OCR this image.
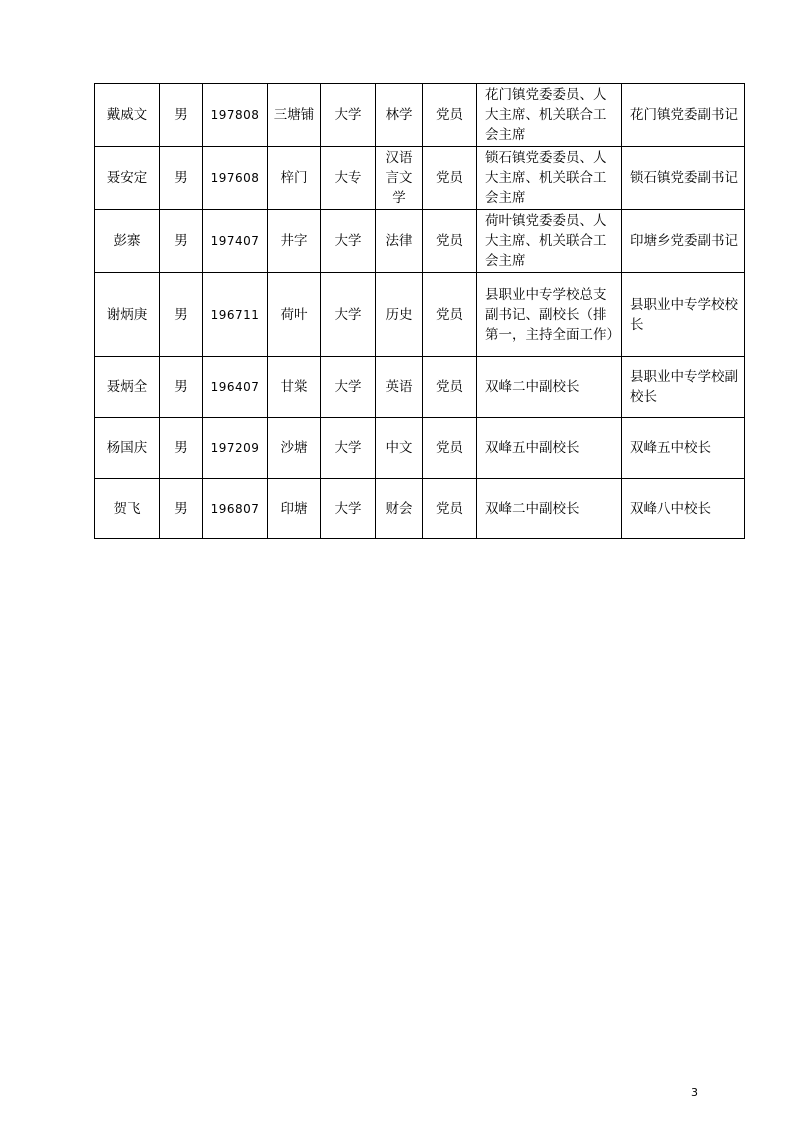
戴威文	男	197808	三塘铺	大学	林学	党员	花门镇党委委员、人大主席、机关联合工会主席	花门镇党委副书记
聂安定	男	197608	梓门	大专	汉语言文学	党员	锁石镇党委委员、人大主席、机关联合工会主席	锁石镇党委副书记
彭寨	男	197407	井字	大学	法律	党员	荷叶镇党委委员、人大主席、机关联合工会主席	印塘乡党委副书记
谢炳庚	男	196711	荷叶	大学	历史	党员	县职业中专学校总支副书记、副校长（排第一，主持全面工作）	县职业中专学校校长
聂炳全	男	196407	甘棠	大学	英语	党员	双峰二中副校长	县职业中专学校副校长
杨国庆	男	197209	沙塘	大学	中文	党员	双峰五中副校长	双峰五中校长
贺飞	男	196807	印塘	大学	财会	党员	双峰二中副校长	双峰八中校长
3
